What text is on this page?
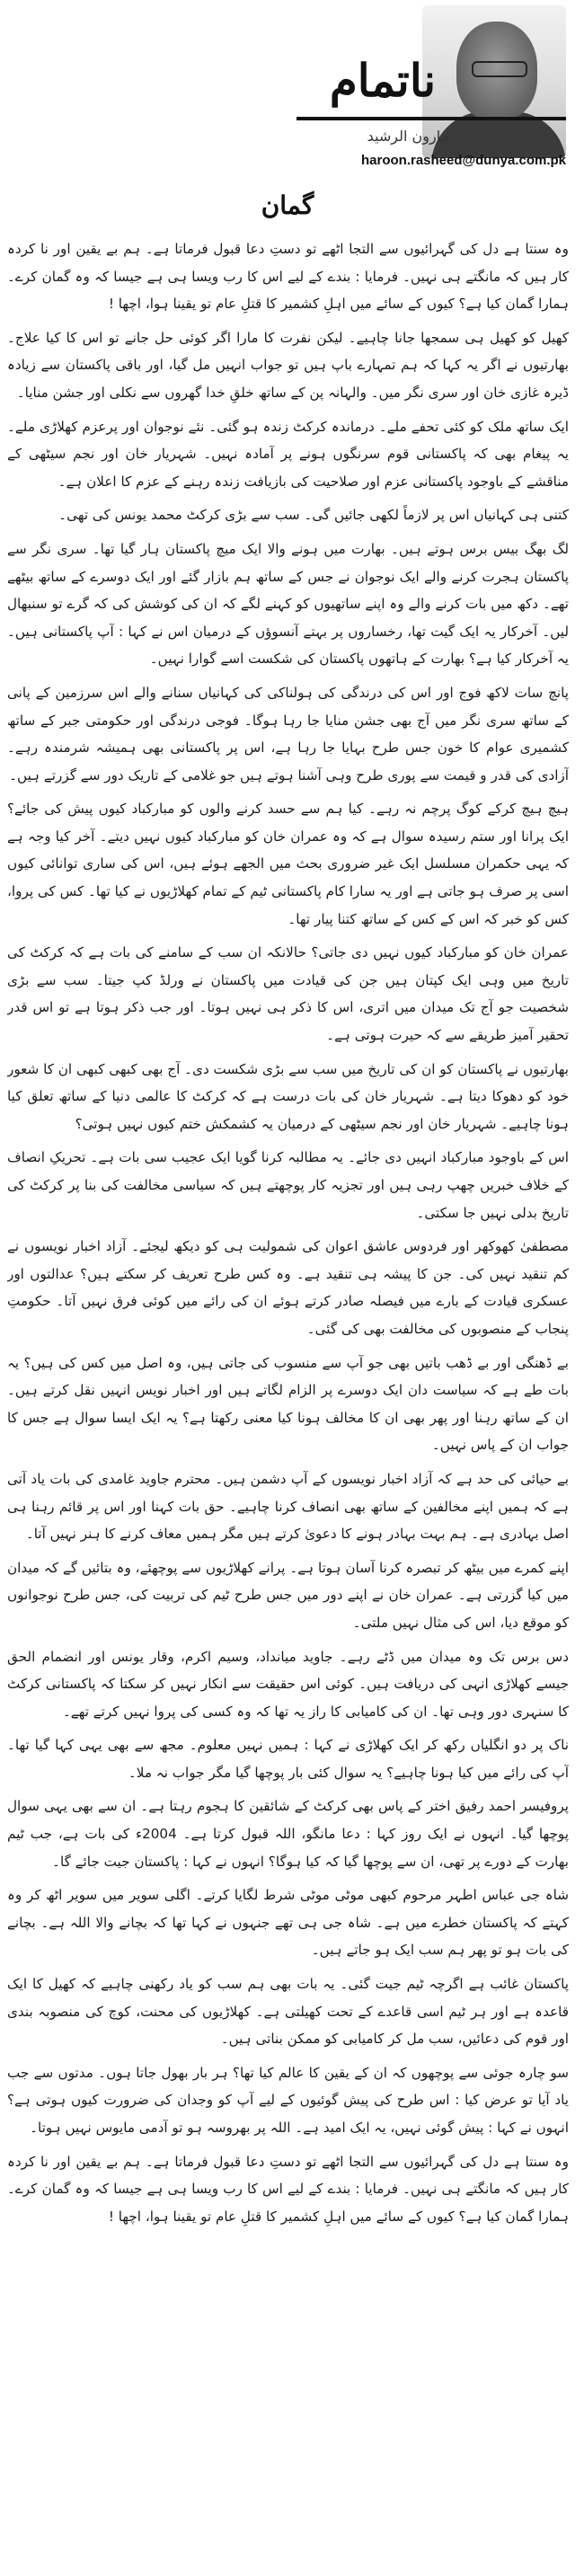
ناتمام
ہارون الرشید
haroon.rasheed@dunya.com.pk
گمان

وہ سنتا ہے دل کی گہرائیوں سے التجا اٹھے تو دستِ دعا قبول فرماتا ہے۔ ہم بے یقین اور نا کردہ کار ہیں کہ مانگتے ہی نہیں۔ فرمایا : بندے کے لیے اس کا رب ویسا ہی ہے جیسا کہ وہ گمان کرے۔ ہمارا گمان کیا ہے؟ کیوں کے سائے میں اہلِ کشمیر کا قتلِ عام تو یقینا ہوا، اچھا !

کھیل کو کھیل ہی سمجھا جانا چاہیے۔ لیکن نفرت کا مارا اگر کوئی حل جانے تو اس کا کیا علاج۔ بھارتیوں نے اگر یہ کہا کہ ہم تمہارے باپ ہیں تو جواب انہیں مل گیا، اور باقی پاکستان سے زیادہ ڈیرہ غازی خان اور سری نگر میں۔ والہانہ پن کے ساتھ خلقِ خدا گھروں سے نکلی اور جشن منایا۔

ایک ساتھ ملک کو کئی تحفے ملے۔ درماندہ کرکٹ زندہ ہو گئی۔ نئے نوجوان اور پرعزم کھلاڑی ملے۔ یہ پیغام بھی کہ پاکستانی قوم سرنگوں ہونے پر آمادہ نہیں۔ شہریار خان اور نجم سیٹھی کے مناقشے کے باوجود پاکستانی عزم اور صلاحیت کی بازیافت زندہ رہنے کے عزم کا اعلان ہے۔

کتنی ہی کہانیاں اس پر لازماً لکھی جائیں گی۔ سب سے بڑی کرکٹ محمد یونس کی تھی۔

لگ بھگ بیس برس ہوتے ہیں۔ بھارت میں ہونے والا ایک میچ پاکستان ہار گیا تھا۔ سری نگر سے پاکستان ہجرت کرنے والے ایک نوجوان نے جس کے ساتھ ہم بازار گئے اور ایک دوسرے کے ساتھ بیٹھے تھے۔ دکھ میں بات کرنے والے وہ اپنے ساتھیوں کو کہنے لگے کہ ان کی کوشش کی کہ گرے تو سنبھال لیں۔ آخرکار یہ ایک گیت تھا، رخساروں پر بہتے آنسوؤں کے درمیان اس نے کہا : آپ پاکستانی ہیں۔ یہ آخرکار کیا ہے؟ بھارت کے ہاتھوں پاکستان کی شکست اسے گوارا نہیں۔

پانچ سات لاکھ فوج اور اس کی درندگی کی ہولناکی کی کہانیاں سنانے والے اس سرزمین کے پانی کے ساتھ سری نگر میں آج بھی جشن منایا جا رہا ہوگا۔ فوجی درندگی اور حکومتی جبر کے ساتھ کشمیری عوام کا خون جس طرح بہایا جا رہا ہے، اس پر پاکستانی بھی ہمیشہ شرمندہ رہے۔ آزادی کی قدر و قیمت سے پوری طرح وہی آشنا ہوتے ہیں جو غلامی کے تاریک دور سے گزرتے ہیں۔

ہیچ ہیچ کرکے کوگ پرچم نہ رہے۔ کیا ہم سے حسد کرنے والوں کو مبارکباد کیوں پیش کی جائے؟ ایک پرانا اور ستم رسیدہ سوال ہے کہ وہ عمران خان کو مبارکباد کیوں نہیں دیتے۔ آخر کیا وجہ ہے کہ یہی حکمران مسلسل ایک غیر ضروری بحث میں الجھے ہوئے ہیں، اس کی ساری توانائی کیوں اسی پر صرف ہو جاتی ہے اور یہ سارا کام پاکستانی ٹیم کے تمام کھلاڑیوں نے کیا تھا۔ کس کی پروا، کس کو خبر کہ اس کے کس کے ساتھ کتنا پیار تھا۔

عمران خان کو مبارکباد کیوں نہیں دی جاتی؟ حالانکہ ان سب کے سامنے کی بات ہے کہ کرکٹ کی تاریخ میں وہی ایک کپتان ہیں جن کی قیادت میں پاکستان نے ورلڈ کپ جیتا۔ سب سے بڑی شخصیت جو آج تک میدان میں اتری، اس کا ذکر ہی نہیں ہوتا۔ اور جب ذکر ہوتا ہے تو اس قدر تحقیر آمیز طریقے سے کہ حیرت ہوتی ہے۔

بھارتیوں نے پاکستان کو ان کی تاریخ میں سب سے بڑی شکست دی۔ آج بھی کبھی کبھی ان کا شعور خود کو دھوکا دیتا ہے۔ شہریار خان کی بات درست ہے کہ کرکٹ کا عالمی دنیا کے ساتھ تعلق کیا ہونا چاہیے۔ شہریار خان اور نجم سیٹھی کے درمیان یہ کشمکش ختم کیوں نہیں ہوتی؟

اس کے باوجود مبارکباد انہیں دی جائے۔ یہ مطالبہ کرنا گویا ایک عجیب سی بات ہے۔ تحریکِ انصاف کے خلاف خبریں چھپ رہی ہیں اور تجزیہ کار پوچھتے ہیں کہ سیاسی مخالفت کی بنا پر کرکٹ کی تاریخ بدلی نہیں جا سکتی۔

مصطفیٰ کھوکھر اور فردوس عاشق اعوان کی شمولیت ہی کو دیکھ لیجئے۔ آزاد اخبار نویسوں نے کم تنقید نہیں کی۔ جن کا پیشہ ہی تنقید ہے۔ وہ کس طرح تعریف کر سکتے ہیں؟ عدالتوں اور عسکری قیادت کے بارے میں فیصلہ صادر کرتے ہوئے ان کی رائے میں کوئی فرق نہیں آتا۔ حکومتِ پنجاب کے منصوبوں کی مخالفت بھی کی گئی۔

بے ڈھنگی اور بے ڈھب باتیں بھی جو آپ سے منسوب کی جاتی ہیں، وہ اصل میں کس کی ہیں؟ یہ بات طے ہے کہ سیاست دان ایک دوسرے پر الزام لگاتے ہیں اور اخبار نویس انہیں نقل کرتے ہیں۔ ان کے ساتھ رہنا اور پھر بھی ان کا مخالف ہونا کیا معنی رکھتا ہے؟ یہ ایک ایسا سوال ہے جس کا جواب ان کے پاس نہیں۔

بے حیائی کی حد ہے کہ آزاد اخبار نویسوں کے آپ دشمن ہیں۔ محترم جاوید غامدی کی بات یاد آتی ہے کہ ہمیں اپنے مخالفین کے ساتھ بھی انصاف کرنا چاہیے۔ حق بات کہنا اور اس پر قائم رہنا ہی اصل بہادری ہے۔ ہم بہت بہادر ہونے کا دعویٰ کرتے ہیں مگر ہمیں معاف کرنے کا ہنر نہیں آتا۔

اپنے کمرے میں بیٹھ کر تبصرہ کرنا آسان ہوتا ہے۔ پرانے کھلاڑیوں سے پوچھئے، وہ بتائیں گے کہ میدان میں کیا گزرتی ہے۔ عمران خان نے اپنے دور میں جس طرح ٹیم کی تربیت کی، جس طرح نوجوانوں کو موقع دیا، اس کی مثال نہیں ملتی۔

دس برس تک وہ میدان میں ڈٹے رہے۔ جاوید میانداد، وسیم اکرم، وقار یونس اور انضمام الحق جیسے کھلاڑی انہی کی دریافت ہیں۔ کوئی اس حقیقت سے انکار نہیں کر سکتا کہ پاکستانی کرکٹ کا سنہری دور وہی تھا۔ ان کی کامیابی کا راز یہ تھا کہ وہ کسی کی پروا نہیں کرتے تھے۔

ناک پر دو انگلیاں رکھ کر ایک کھلاڑی نے کہا : ہمیں نہیں معلوم۔ مجھ سے بھی یہی کہا گیا تھا۔ آپ کی رائے میں کیا ہونا چاہیے؟ یہ سوال کئی بار پوچھا گیا مگر جواب نہ ملا۔

پروفیسر احمد رفیق اختر کے پاس بھی کرکٹ کے شائقین کا ہجوم رہتا ہے۔ ان سے بھی یہی سوال پوچھا گیا۔ انہوں نے ایک روز کہا : دعا مانگو، اللہ قبول کرتا ہے۔ 2004ء کی بات ہے، جب ٹیم بھارت کے دورے پر تھی، ان سے پوچھا گیا کہ کیا ہوگا؟ انہوں نے کہا : پاکستان جیت جائے گا۔

شاہ جی عباس اطہر مرحوم کبھی موٹی موٹی شرط لگایا کرتے۔ اگلی سویر میں سویر اٹھ کر وہ کہتے کہ پاکستان خطرے میں ہے۔ شاہ جی ہی تھے جنہوں نے کہا تھا کہ بچانے والا اللہ ہے۔ بچانے کی بات ہو تو پھر ہم سب ایک ہو جاتے ہیں۔

پاکستان غائب ہے اگرچہ ٹیم جیت گئی۔ یہ بات بھی ہم سب کو یاد رکھنی چاہیے کہ کھیل کا ایک قاعدہ ہے اور ہر ٹیم اسی قاعدے کے تحت کھیلتی ہے۔ کھلاڑیوں کی محنت، کوچ کی منصوبہ بندی اور قوم کی دعائیں، سب مل کر کامیابی کو ممکن بناتی ہیں۔

سو چارہ جوئی سے پوچھوں کہ ان کے یقین کا عالم کیا تھا؟ ہر بار بھول جاتا ہوں۔ مدتوں سے جب یاد آیا تو عرض کیا : اس طرح کی پیش گوئیوں کے لیے آپ کو وجدان کی ضرورت کیوں ہوتی ہے؟ انہوں نے کہا : پیش گوئی نہیں، یہ ایک امید ہے۔ اللہ پر بھروسہ ہو تو آدمی مایوس نہیں ہوتا۔

وہ سنتا ہے دل کی گہرائیوں سے التجا اٹھے تو دستِ دعا قبول فرماتا ہے۔ ہم بے یقین اور نا کردہ کار ہیں کہ مانگتے ہی نہیں۔ فرمایا : بندے کے لیے اس کا رب ویسا ہی ہے جیسا کہ وہ گمان کرے۔ ہمارا گمان کیا ہے؟ کیوں کے سائے میں اہلِ کشمیر کا قتلِ عام تو یقینا ہوا، اچھا !
